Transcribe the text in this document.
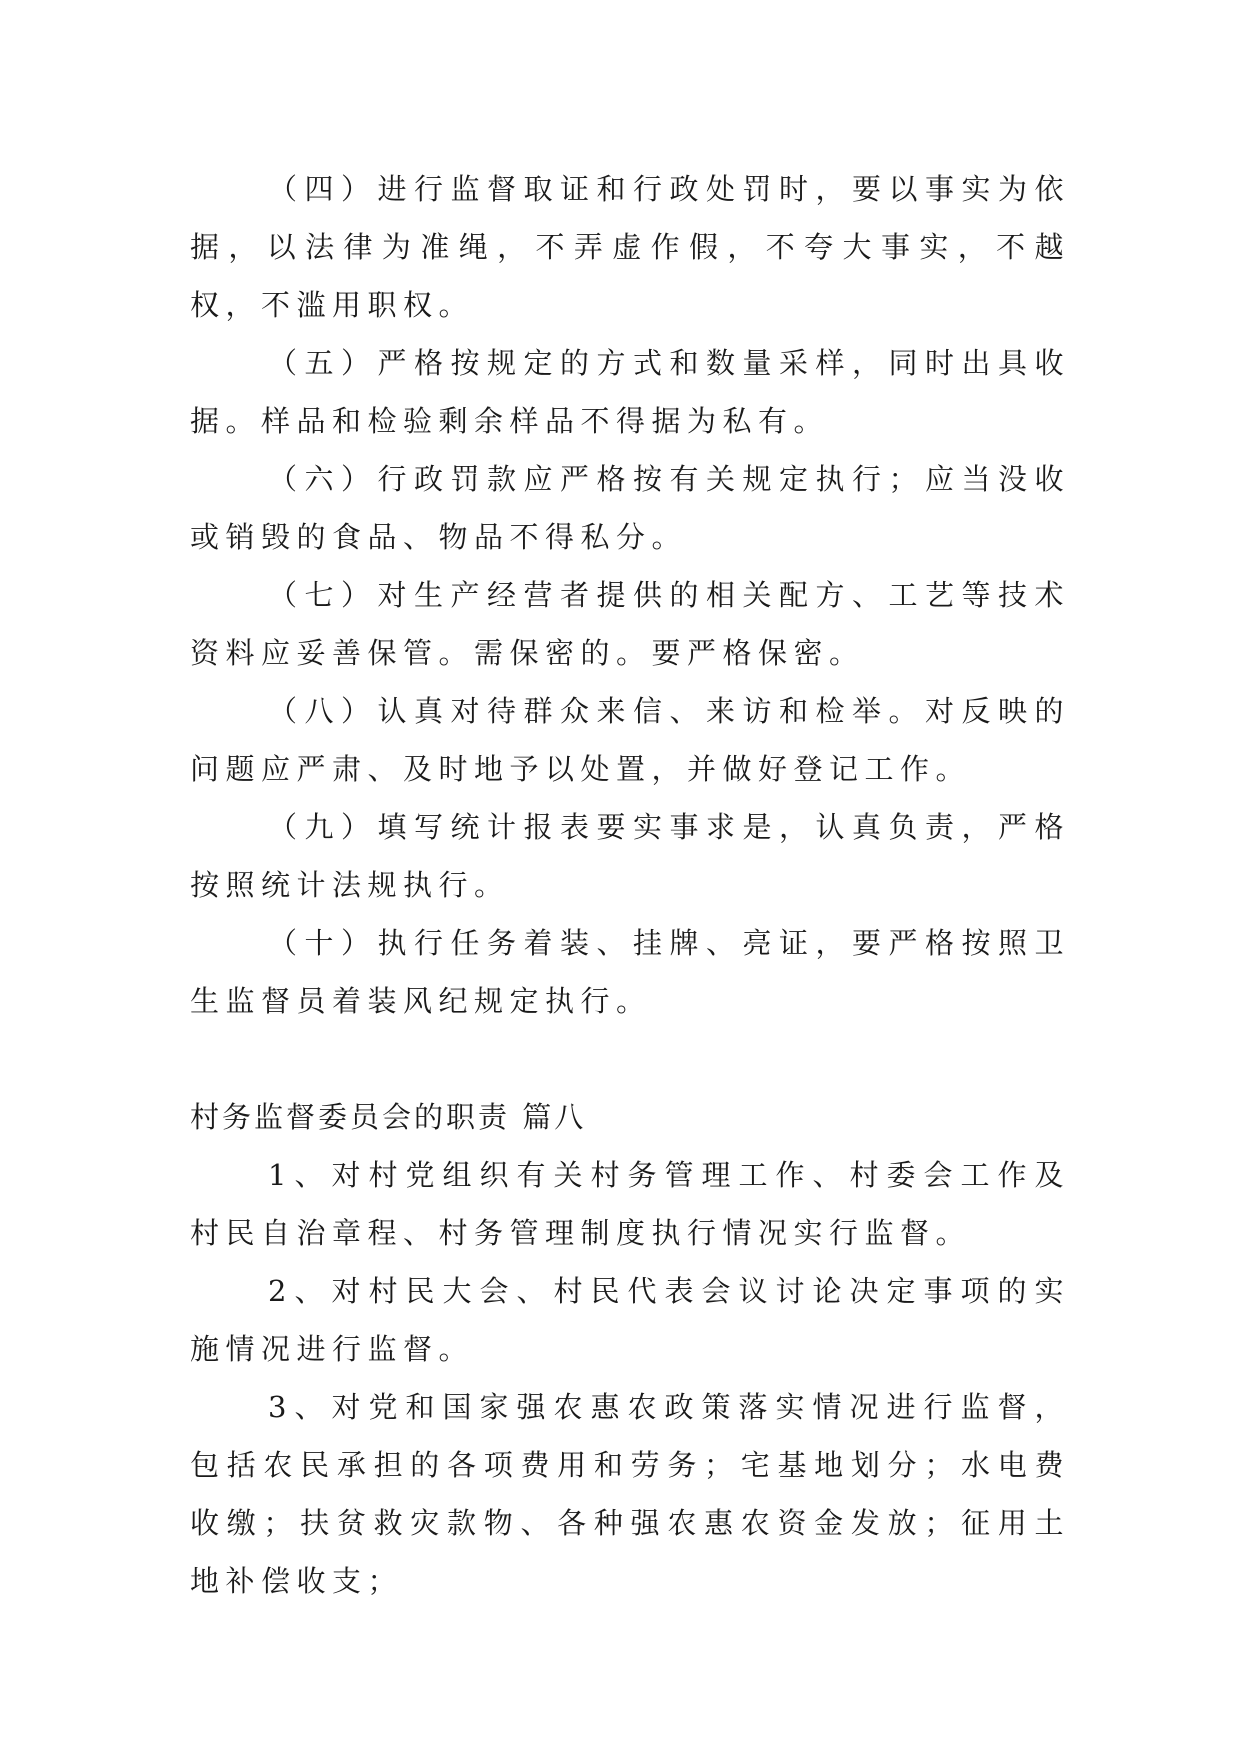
（四）进行监督取证和行政处罚时，要以事实为依据，以法律为准绳，不弄虚作假，不夸大事实，不越权，不滥用职权。

（五）严格按规定的方式和数量采样，同时出具收据。样品和检验剩余样品不得据为私有。

（六）行政罚款应严格按有关规定执行；应当没收或销毁的食品、物品不得私分。

（七）对生产经营者提供的相关配方、工艺等技术资料应妥善保管。需保密的。要严格保密。

（八）认真对待群众来信、来访和检举。对反映的问题应严肃、及时地予以处置，并做好登记工作。

（九）填写统计报表要实事求是，认真负责，严格按照统计法规执行。

（十）执行任务着装、挂牌、亮证，要严格按照卫生监督员着装风纪规定执行。

村务监督委员会的职责 篇八

1、对村党组织有关村务管理工作、村委会工作及村民自治章程、村务管理制度执行情况实行监督。

2、对村民大会、村民代表会议讨论决定事项的实施情况进行监督。

3、对党和国家强农惠农政策落实情况进行监督，包括农民承担的各项费用和劳务；宅基地划分；水电费收缴；扶贫救灾款物、各种强农惠农资金发放；征用土地补偿收支；
